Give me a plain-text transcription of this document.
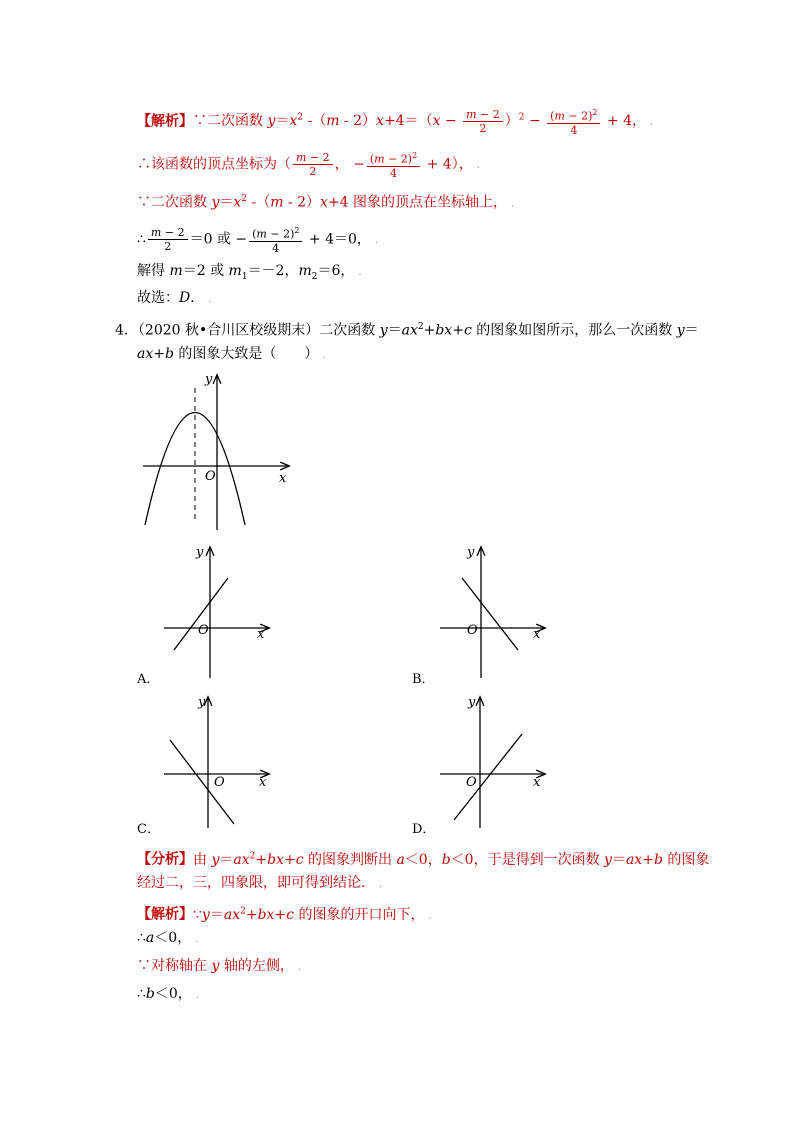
【解析】∵二次函数 $y=x^2$ $-(m - 2)x+4=(x - \frac{m - 2}{2} )^2 - \frac{(m - 2)^2}{4} + 4$， .
∴该函数的顶点坐标为（ $\frac{m - 2}{2}$ ， − $\frac{(m - 2)^2}{4} + 4$）， .
∵二次函数 $y=x^2$ -（m - 2）x+4 图象的顶点在坐标轴上， .
∴ $\frac{m - 2}{2} =0$ 或 − $\frac{(m - 2)^2}{4} + 4=0$， .
解得 m＝2 或 $m_1=-2$，$m_2=6$， .
故选：D． .
4．（2020 秋•合川区校级期末）二次函数 $y=ax^2+bx+c$ 的图象如图所示，那么一次函数 y＝
ax+b 的图象大致是（　　） .
y
x
O
y
x
O
A．
y
x
O
B．
y
x
O
C．
y
x
O
D．
【分析】由 $y=ax^2+bx+c$ 的图象判断出 a＜0，b＜0，于是得到一次函数 y＝ax+b 的图象
经过二，三，四象限，即可得到结论． .
【解析】$\because y=ax^2+bx+c$ 的图象的开口向下， .
∴a＜0， .
∵对称轴在 y 轴的左侧， .
∴b＜0， .
